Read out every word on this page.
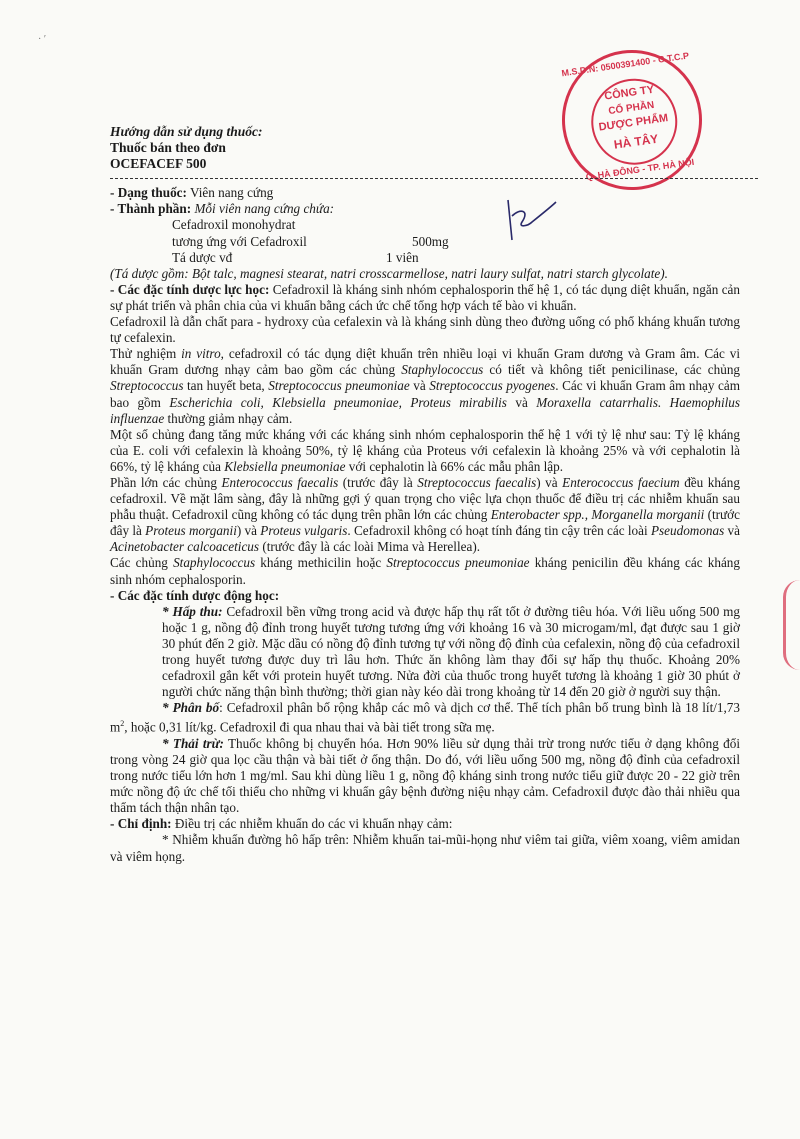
· ′
M.S.D.N: 0500391400 - C.T.C.P
CÔNG TY
CỔ PHẦN
DƯỢC PHẨM
HÀ TÂY
Q. HÀ ĐÔNG - TP. HÀ NỘI
Hướng dẫn sử dụng thuốc:
Thuốc bán theo đơn
OCEFACEF 500

- Dạng thuốc: Viên nang cứng

- Thành phần: Mỗi viên nang cứng chứa:

Cefadroxil monohydrat

tương ứng với Cefadroxil	500mg
Tá dược vđ	1 viên

(Tá dược gồm: Bột talc, magnesi stearat, natri crosscarmellose, natri laury sulfat, natri starch glycolate).

- Các đặc tính dược lực học: Cefadroxil là kháng sinh nhóm cephalosporin thế hệ 1, có tác dụng diệt khuẩn, ngăn cản sự phát triển và phân chia của vi khuẩn bằng cách ức chế tổng hợp vách tế bào vi khuẩn.

Cefadroxil là dẫn chất para - hydroxy của cefalexin và là kháng sinh dùng theo đường uống có phổ kháng khuẩn tương tự cefalexin.

Thử nghiệm in vitro, cefadroxil có tác dụng diệt khuẩn trên nhiều loại vi khuẩn Gram dương và Gram âm. Các vi khuẩn Gram dương nhạy cảm bao gồm các chủng Staphylococcus có tiết và không tiết penicilinase, các chủng Streptococcus tan huyết beta, Streptococcus pneumoniae và Streptococcus pyogenes. Các vi khuẩn Gram âm nhạy cảm bao gồm Escherichia coli, Klebsiella pneumoniae, Proteus mirabilis và Moraxella catarrhalis. Haemophilus influenzae thường giảm nhạy cảm.

Một số chủng đang tăng mức kháng với các kháng sinh nhóm cephalosporin thế hệ 1 với tỷ lệ như sau: Tỷ lệ kháng của E. coli với cefalexin là khoảng 50%, tỷ lệ kháng của Proteus với cefalexin là khoảng 25% và với cephalotin là 66%, tỷ lệ kháng của Klebsiella pneumoniae với cephalotin là 66% các mẫu phân lập.

Phần lớn các chủng Enterococcus faecalis (trước đây là Streptococcus faecalis) và Enterococcus faecium đều kháng cefadroxil. Về mặt lâm sàng, đây là những gợi ý quan trọng cho việc lựa chọn thuốc để điều trị các nhiễm khuẩn sau phẫu thuật. Cefadroxil cũng không có tác dụng trên phần lớn các chủng Enterobacter spp., Morganella morganii (trước đây là Proteus morganii) và Proteus vulgaris. Cefadroxil không có hoạt tính đáng tin cậy trên các loài Pseudomonas và Acinetobacter calcoaceticus (trước đây là các loài Mima và Herellea).

Các chủng Staphylococcus kháng methicilin hoặc Streptococcus pneumoniae kháng penicilin đều kháng các kháng sinh nhóm cephalosporin.

- Các đặc tính dược động học:

* Hấp thu: Cefadroxil bền vững trong acid và được hấp thụ rất tốt ở đường tiêu hóa. Với liều uống 500 mg hoặc 1 g, nồng độ đỉnh trong huyết tương tương ứng với khoảng 16 và 30 microgam/ml, đạt được sau 1 giờ 30 phút đến 2 giờ. Mặc dầu có nồng độ đỉnh tương tự với nồng độ đỉnh của cefalexin, nồng độ của cefadroxil trong huyết tương được duy trì lâu hơn. Thức ăn không làm thay đổi sự hấp thụ thuốc. Khoảng 20% cefadroxil gắn kết với protein huyết tương. Nửa đời của thuốc trong huyết tương là khoảng 1 giờ 30 phút ở người chức năng thận bình thường; thời gian này kéo dài trong khoảng từ 14 đến 20 giờ ở người suy thận.

* Phân bố: Cefadroxil phân bố rộng khắp các mô và dịch cơ thể. Thể tích phân bố trung bình là 18 lít/1,73 $m^2$, hoặc 0,31 lít/kg. Cefadroxil đi qua nhau thai và bài tiết trong sữa mẹ.

* Thải trừ: Thuốc không bị chuyển hóa. Hơn 90% liều sử dụng thải trừ trong nước tiểu ở dạng không đổi trong vòng 24 giờ qua lọc cầu thận và bài tiết ở ống thận. Do đó, với liều uống 500 mg, nồng độ đỉnh của cefadroxil trong nước tiểu lớn hơn 1 mg/ml. Sau khi dùng liều 1 g, nồng độ kháng sinh trong nước tiểu giữ được 20 - 22 giờ trên mức nồng độ ức chế tối thiểu cho những vi khuẩn gây bệnh đường niệu nhạy cảm. Cefadroxil được đào thải nhiều qua thẩm tách thận nhân tạo.

- Chỉ định: Điều trị các nhiễm khuẩn do các vi khuẩn nhạy cảm:

* Nhiễm khuẩn đường hô hấp trên: Nhiễm khuẩn tai-mũi-họng như viêm tai giữa, viêm xoang, viêm amidan và viêm họng.
